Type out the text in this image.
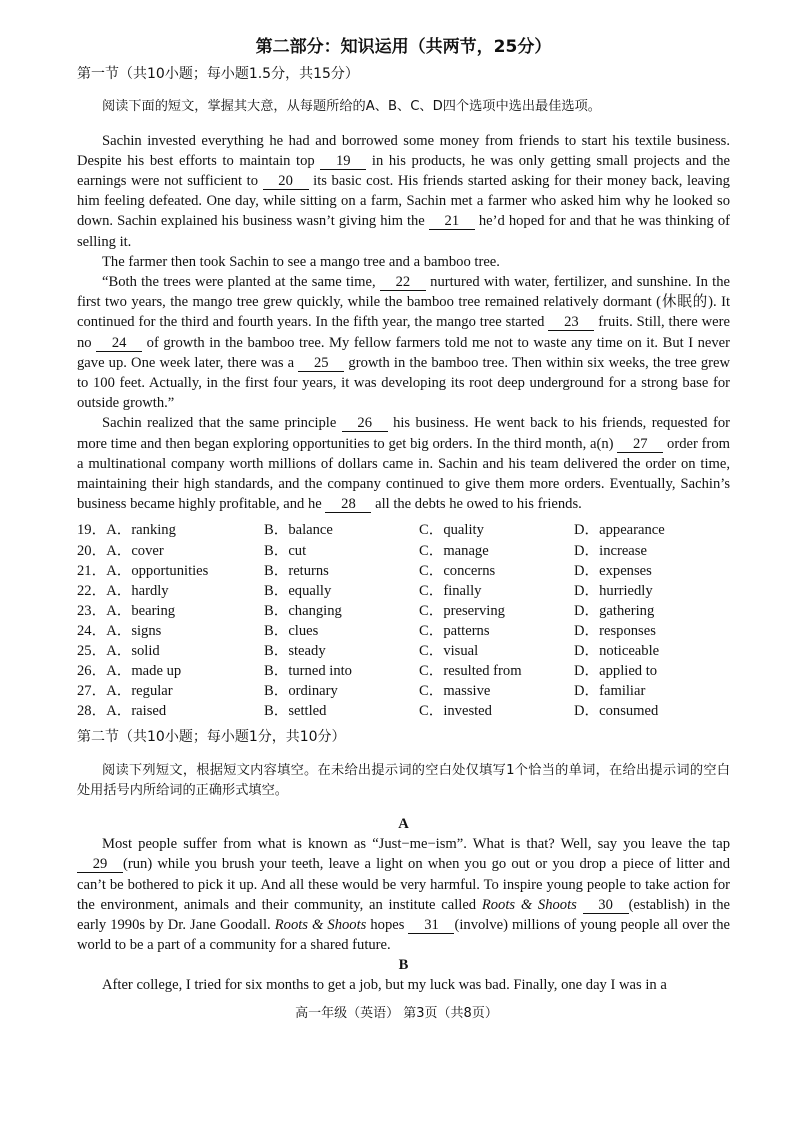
第二部分：知识运用（共两节，25分）
第一节（共10小题；每小题1.5分，共15分）

阅读下面的短文，掌握其大意，从每题所给的A、B、C、D四个选项中选出最佳选项。

Sachin invested everything he had and borrowed some money from friends to start his textile business. Despite his best efforts to maintain top 19 in his products, he was only getting small projects and the earnings were not sufficient to 20 its basic cost. His friends started asking for their money back, leaving him feeling defeated. One day, while sitting on a farm, Sachin met a farmer who asked him why he looked so down. Sachin explained his business wasn’t giving him the 21 he’d hoped for and that he was thinking of selling it.

The farmer then took Sachin to see a mango tree and a bamboo tree.

“Both the trees were planted at the same time, 22 nurtured with water, fertilizer, and sunshine. In the first two years, the mango tree grew quickly, while the bamboo tree remained relatively dormant (休眠的). It continued for the third and fourth years. In the fifth year, the mango tree started 23 fruits. Still, there were no 24 of growth in the bamboo tree. My fellow farmers told me not to waste any time on it. But I never gave up. One week later, there was a 25 growth in the bamboo tree. Then within six weeks, the tree grew to 100 feet. Actually, in the first four years, it was developing its root deep underground for a strong base for outside growth.”

Sachin realized that the same principle 26 his business. He went back to his friends, requested for more time and then began exploring opportunities to get big orders. In the third month, a(n) 27 order from a multinational company worth millions of dollars came in. Sachin and his team delivered the order on time, maintaining their high standards, and the company continued to give them more orders. Eventually, Sachin’s business became highly profitable, and he 28 all the debts he owed to his friends.

19．A．ranking	B．balance	C．quality	D．appearance
20．A．cover	B．cut	C．manage	D．increase
21．A．opportunities	B．returns	C．concerns	D．expenses
22．A．hardly	B．equally	C．finally	D．hurriedly
23．A．bearing	B．changing	C．preserving	D．gathering
24．A．signs	B．clues	C．patterns	D．responses
25．A．solid	B．steady	C．visual	D．noticeable
26．A．made up	B．turned into	C．resulted from	D．applied to
27．A．regular	B．ordinary	C．massive	D．familiar
28．A．raised	B．settled	C．invested	D．consumed
第二节（共10小题；每小题1分，共10分）

阅读下列短文，根据短文内容填空。在未给出提示词的空白处仅填写1个恰当的单词，在给出提示词的空白处用括号内所给词的正确形式填空。

A

Most people suffer from what is known as “Just−me−ism”. What is that? Well, say you leave the tap 29 (run) while you brush your teeth, leave a light on when you go out or you drop a piece of litter and can’t be bothered to pick it up. And all these would be very harmful. To inspire young people to take action for the environment, animals and their community, an institute called Roots & Shoots 30 (establish) in the early 1990s by Dr. Jane Goodall. Roots & Shoots hopes 31 (involve) millions of young people all over the world to be a part of a community for a shared future.

B

After college, I tried for six months to get a job, but my luck was bad. Finally, one day I was in a

高一年级（英语） 第3页（共8页）
